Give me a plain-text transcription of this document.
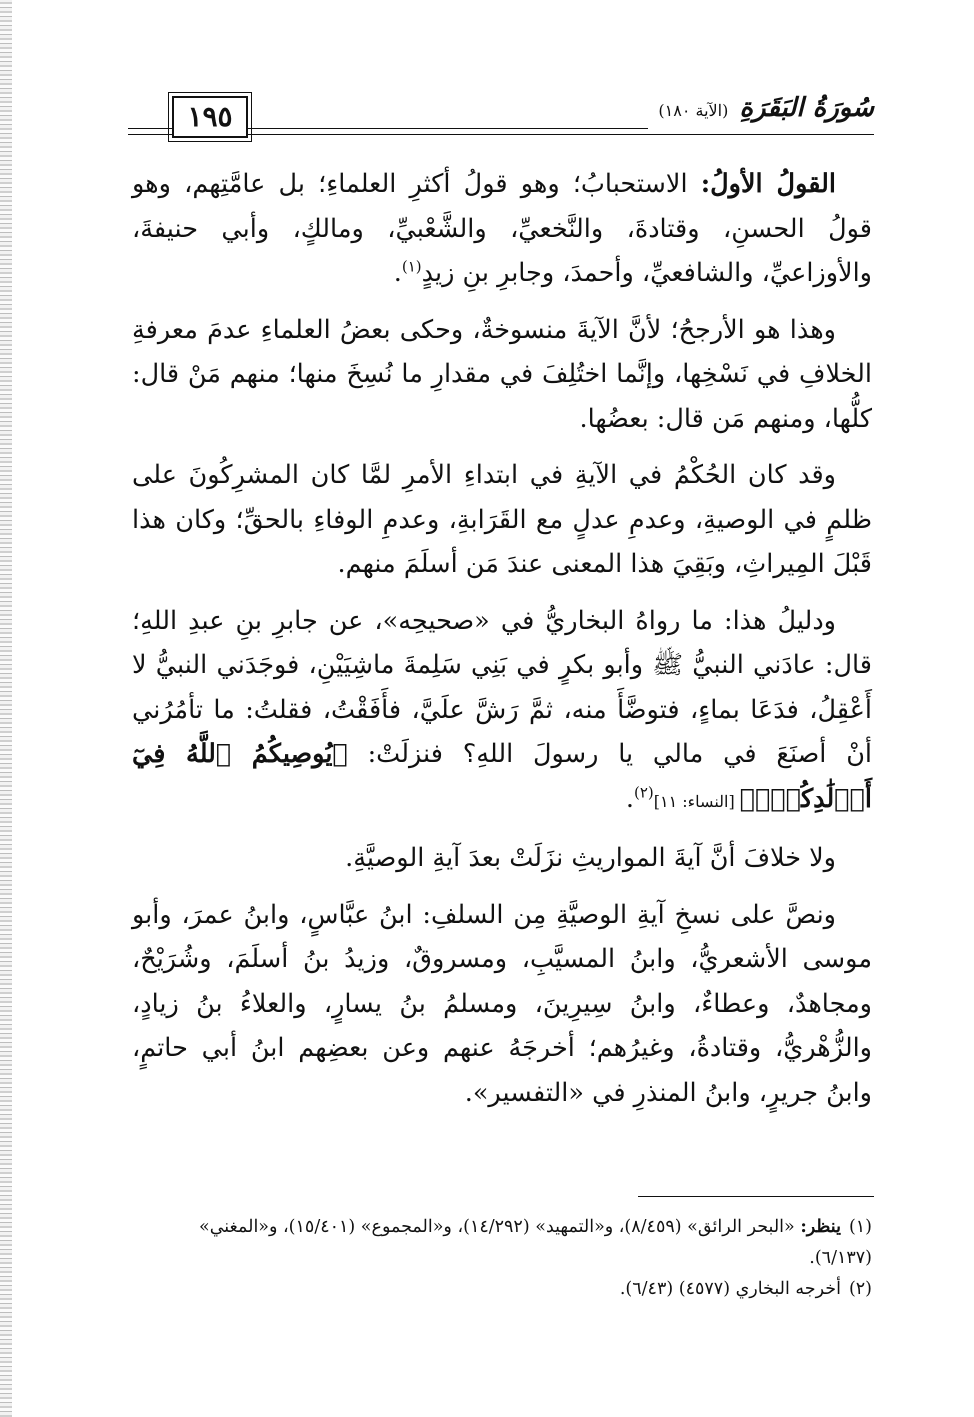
سُورَةُ البَقَرَةِ (الآية ١٨٠)
١٩٥

القولُ الأولُ: الاستحبابُ؛ وهو قولُ أكثرِ العلماءِ؛ بل عامَّتِهم، وهو قولُ الحسنِ، وقتادةَ، والنَّخعيِّ، والشَّعْبيِّ، ومالكٍ، وأبي حنيفةَ، والأوزاعيِّ، والشافعيِّ، وأحمدَ، وجابرِ بنِ زيدٍ$^{(١)}$.

وهذا هو الأرجحُ؛ لأنَّ الآيةَ منسوخةٌ، وحكى بعضُ العلماءِ عدمَ معرفةِ الخلافِ في نَسْخِها، وإنَّما اختُلِفَ في مقدارِ ما نُسِخَ منها؛ منهم مَنْ قال: كلُّها، ومنهم مَن قال: بعضُها.

وقد كان الحُكْمُ في الآيةِ في ابتداءِ الأمرِ لمَّا كان المشرِكُونَ على ظلمٍ في الوصيةِ، وعدمِ عدلٍ مع القَرَابةِ، وعدمِ الوفاءِ بالحقِّ؛ وكان هذا قَبْلَ المِيراثِ، وبَقِيَ هذا المعنى عندَ مَن أسلَمَ منهم.

ودليلُ هذا: ما رواهُ البخاريُّ في «صحيحِه»، عن جابرِ بنِ عبدِ اللهِ؛ قال: عادَني النبيُّ ﷺ وأبو بكرٍ في بَنِي سَلِمةَ ماشِيَيْنِ، فوجَدَني النبيُّ لا أَعْقِلُ، فدَعَا بماءٍ، فتوضَّأَ منه، ثمَّ رَشَّ علَيَّ، فأَفَقْتُ، فقلتُ: ما تأمُرُني أنْ أصنَعَ في مالي يا رسولَ اللهِ؟ فنزلَتْ: ﴿يُوصِيكُمُ ٱللَّهُ فِيٓ أَوۡلَٰدِكُمۡۖ﴾ [النساء: ١١]$^{(٢)}$.

ولا خلافَ أنَّ آيةَ المواريثِ نزَلَتْ بعدَ آيةِ الوصيَّةِ.

ونصَّ على نسخِ آيةِ الوصيَّةِ مِن السلفِ: ابنُ عبَّاسٍ، وابنُ عمرَ، وأبو موسى الأشعريُّ، وابنُ المسيَّبِ، ومسروقٌ، وزيدُ بنُ أسلَمَ، وشُرَيْحٌ، ومجاهدٌ، وعطاءٌ، وابنُ سِيرِينَ، ومسلمُ بنُ يسارٍ، والعلاءُ بنُ زيادٍ، والزُّهْريُّ، وقتادةُ، وغيرُهم؛ أخرجَهُ عنهم وعن بعضِهم ابنُ أبي حاتمٍ، وابنُ جريرٍ، وابنُ المنذرِ في «التفسير».

(١)ينظر: «البحر الرائق» (٨/٤٥٩)، و«التمهيد» (١٤/٢٩٢)، و«المجموع» (١٥/٤٠١)، و«المغني» (٦/١٣٧).

(٢)أخرجه البخاري (٤٥٧٧) (٦/٤٣).
